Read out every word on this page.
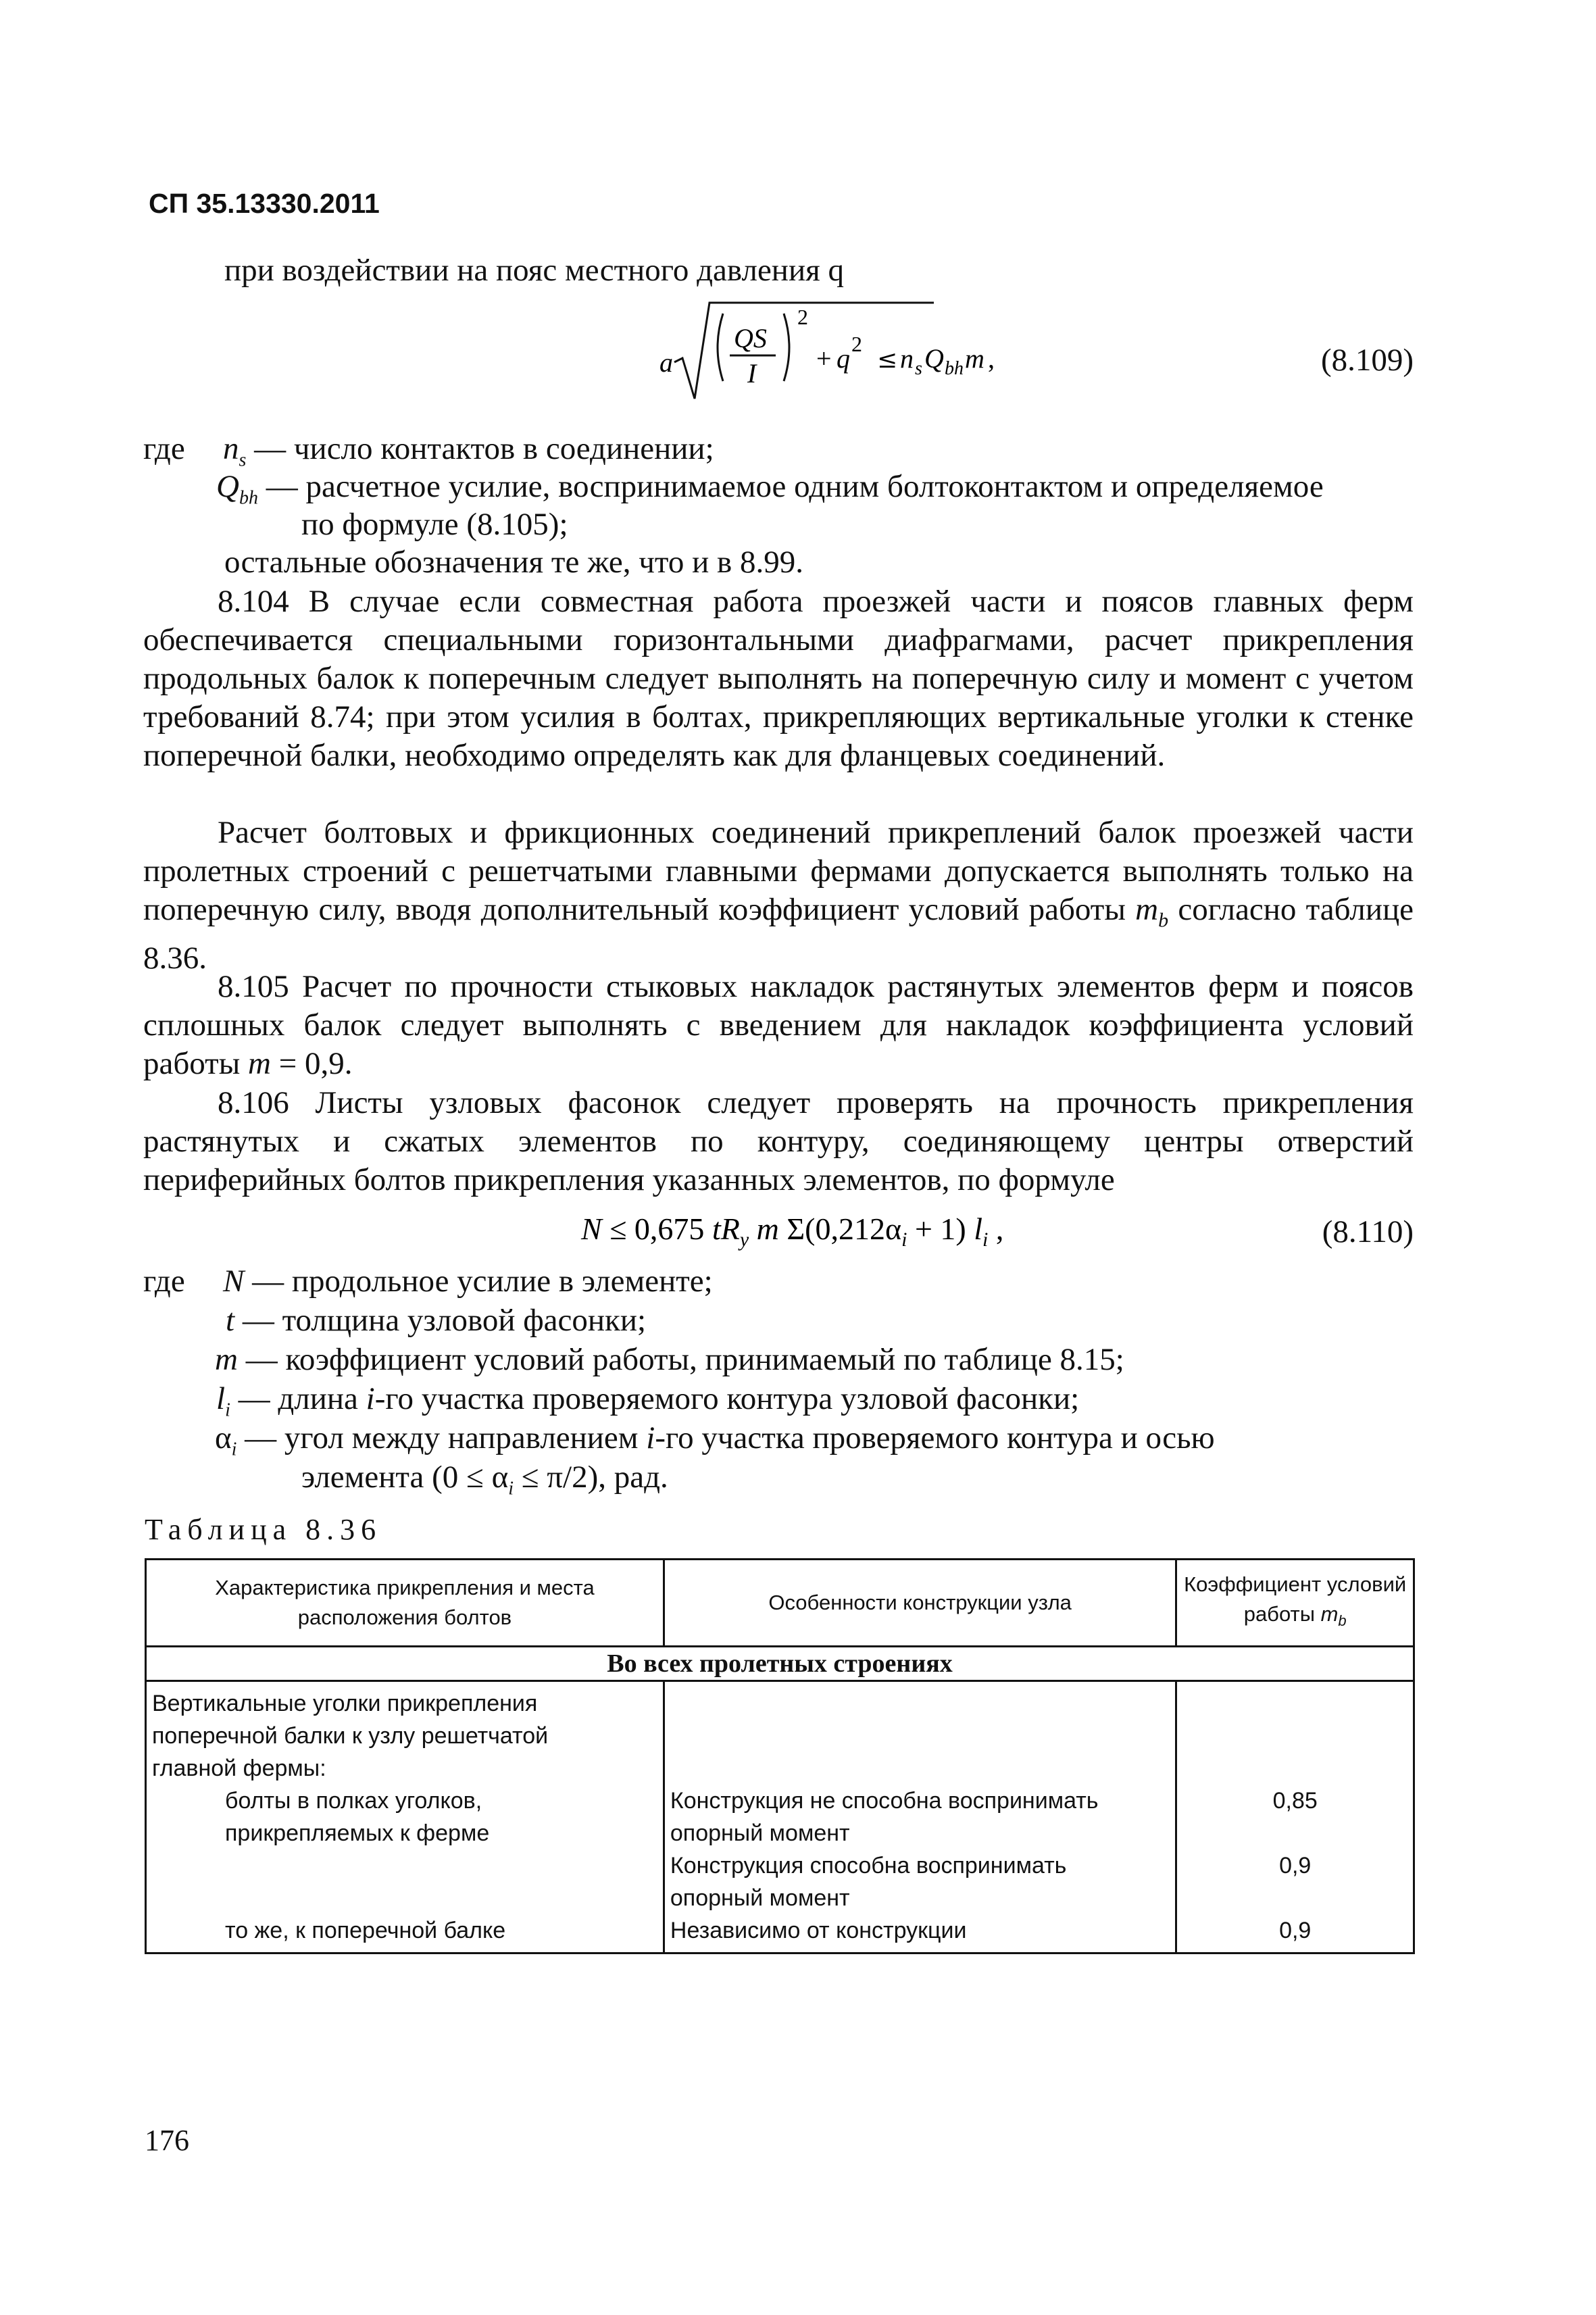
СП 35.13330.2011
при воздействии на пояс местного давления q
a
QS
I
2
+ q 2
≤ n s Q bh m ,	(8.109)
где $n_s$ — число контактов в соединении;
$Q_{bh}$ — расчетное усилие, воспринимаемое одним болтоконтактом и определяемое
по формуле (8.105);
остальные обозначения те же, что и в 8.99.
8.104 В случае если совместная работа проезжей части и поясов главных ферм обеспечивается специальными горизонтальными диафрагмами, расчет прикрепления продольных балок к поперечным следует выполнять на поперечную силу и момент с учетом требований 8.74; при этом усилия в болтах, прикрепляющих вертикальные уголки к стенке поперечной балки, необходимо определять как для фланцевых соединений.
Расчет болтовых и фрикционных соединений прикреплений балок проезжей части пролетных строений с решетчатыми главными фермами допускается выполнять только на поперечную силу, вводя дополнительный коэффициент условий работы $m_b$ согласно таблице 8.36.
8.105 Расчет по прочности стыковых накладок растянутых элементов ферм и поясов сплошных балок следует выполнять с введением для накладок коэффициента условий работы m = 0,9.
8.106 Листы узловых фасонок следует проверять на прочность прикрепления растянутых и сжатых элементов по контуру, соединяющему центры отверстий периферийных болтов прикрепления указанных элементов, по формуле
N ≤ 0,675 $tR_y$ m $\Sigma(0,212\alpha_i + 1)$ $l_i$ ,	(8.110)
где N — продольное усилие в элементе;
t — толщина узловой фасонки;
m — коэффициент условий работы, принимаемый по таблице 8.15;
$l_i$ — длина i-го участка проверяемого контура узловой фасонки;
$\alpha_i$ — угол между направлением i-го участка проверяемого контура и осью
элемента $(0 \le \alpha_i \le \pi/2)$, рад.
Таблица 8.36
Характеристика прикрепления и места расположения болтов	Особенности конструкции узла	Коэффициент условий работы $m_b$
Во всех пролетных строениях		
Вертикальные уголки прикрепления поперечной балки к узлу решетчатой главной фермы:		
болты в полках уголков, прикрепляемых к ферме	Конструкция не способна воспринимать опорный момент	0,85
	Конструкция способна воспринимать опорный момент	0,9
то же, к поперечной балке	Независимо от конструкции	0,9
176
